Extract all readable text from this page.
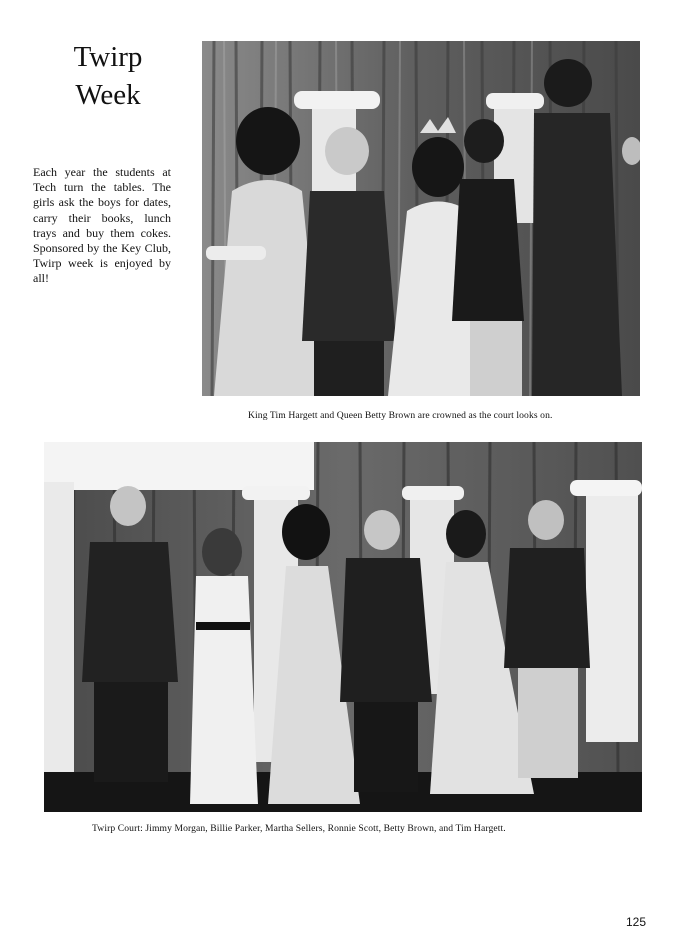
Twirp
Week
Each year the students at Tech turn the tables. The girls ask the boys for dates, carry their books, lunch trays and buy them cokes. Sponsored by the Key Club, Twirp week is enjoyed by all!
King Tim Hargett and Queen Betty Brown are crowned as the court looks on.
Twirp Court: Jimmy Morgan, Billie Parker, Martha Sellers, Ronnie Scott, Betty Brown, and Tim Hargett.
125
